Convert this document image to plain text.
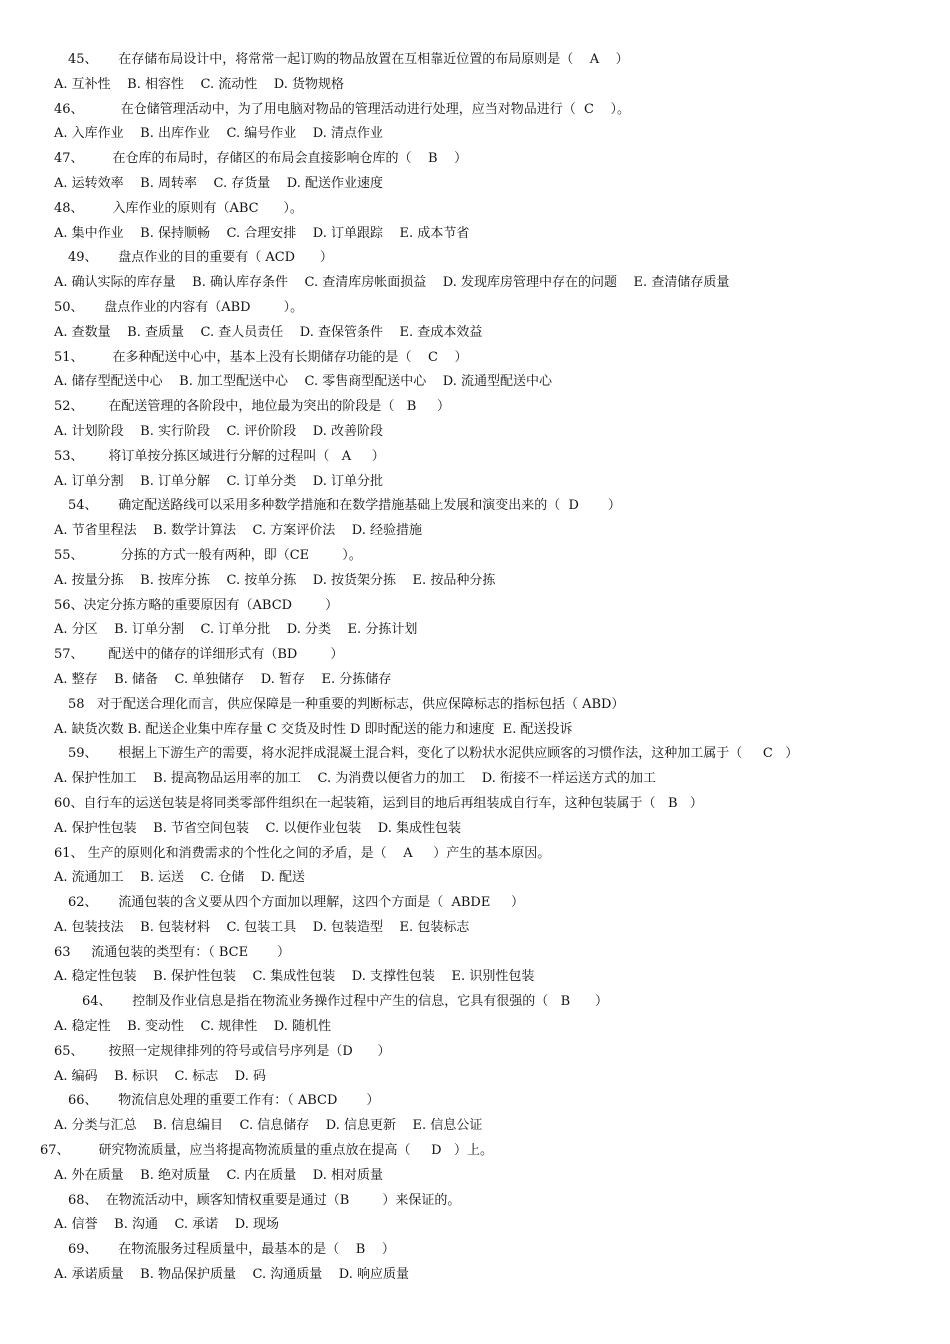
45、     在存储布局设计中，将常常一起订购的物品放置在互相靠近位置的布局原则是（    A    ）
A. 互补性    B. 相容性    C. 流动性    D. 货物规格
46、         在仓储管理活动中，为了用电脑对物品的管理活动进行处理，应当对物品进行（  C    ）。
A. 入库作业    B. 出库作业    C. 编号作业    D. 清点作业
47、       在仓库的布局时，存储区的布局会直接影响仓库的（    B    ）
A. 运转效率    B. 周转率    C. 存货量    D. 配送作业速度
48、       入库作业的原则有（ABC      ）。
A. 集中作业    B. 保持顺畅    C. 合理安排    D. 订单跟踪    E. 成本节省
49、     盘点作业的目的重要有（ ACD      ）
A. 确认实际的库存量    B. 确认库存条件    C. 查清库房帐面损益    D. 发现库房管理中存在的问题    E. 查清储存质量
50、     盘点作业的内容有（ABD        ）。
A. 查数量    B. 查质量    C. 查人员责任    D. 查保管条件    E. 查成本效益
51、       在多种配送中心中，基本上没有长期储存功能的是（    C    ）
A. 储存型配送中心    B. 加工型配送中心    C. 零售商型配送中心    D. 流通型配送中心
52、      在配送管理的各阶段中，地位最为突出的阶段是（   B     ）
A. 计划阶段    B. 实行阶段    C. 评价阶段    D. 改善阶段
53、      将订单按分拣区域进行分解的过程叫（   A     ）
A. 订单分割    B. 订单分解    C. 订单分类    D. 订单分批
54、     确定配送路线可以采用多种数学措施和在数学措施基础上发展和演变出来的（  D       ）
A. 节省里程法    B. 数学计算法    C. 方案评价法    D. 经验措施
55、         分拣的方式一般有两种，即（CE        ）。
A. 按量分拣    B. 按库分拣    C. 按单分拣    D. 按货架分拣    E. 按品种分拣
56、决定分拣方略的重要原因有（ABCD        ）
A. 分区    B. 订单分割    C. 订单分批    D. 分类    E. 分拣计划
57、      配送中的储存的详细形式有（BD        ）
A. 整存    B. 储备    C. 单独储存    D. 暂存    E. 分拣储存
58   对于配送合理化而言，供应保障是一种重要的判断标志，供应保障标志的指标包括（ ABD）
A. 缺货次数 B. 配送企业集中库存量 C 交货及时性 D 即时配送的能力和速度  E. 配送投诉
59、     根据上下游生产的需要，将水泥拌成混凝土混合料，变化了以粉状水泥供应顾客的习惯作法，这种加工属于（     C   ）
A. 保护性加工    B. 提高物品运用率的加工    C. 为消费以便省力的加工    D. 衔接不一样运送方式的加工
60、自行车的运送包装是将同类零部件组织在一起装箱，运到目的地后再组装成自行车，这种包装属于（   B   ）
A. 保护性包装    B. 节省空间包装    C. 以便作业包装    D. 集成性包装
61、 生产的原则化和消费需求的个性化之间的矛盾，是（    A     ）产生的基本原因。
A. 流通加工    B. 运送    C. 仓储    D. 配送
62、     流通包装的含义要从四个方面加以理解，这四个方面是（  ABDE     ）
A. 包装技法    B. 包装材料    C. 包装工具    D. 包装造型    E. 包装标志
63     流通包装的类型有：（ BCE       ）
A. 稳定性包装    B. 保护性包装    C. 集成性包装    D. 支撑性包装    E. 识别性包装
64、     控制及作业信息是指在物流业务操作过程中产生的信息，它具有很强的（   B      ）
A. 稳定性    B. 变动性    C. 规律性    D. 随机性
65、      按照一定规律排列的符号或信号序列是（D      ）
A. 编码    B. 标识    C. 标志    D. 码
66、     物流信息处理的重要工作有：（ ABCD       ）
A. 分类与汇总    B. 信息编目    C. 信息储存    D. 信息更新    E. 信息公证
67、       研究物流质量，应当将提高物流质量的重点放在提高（     D   ）上。
A. 外在质量    B. 绝对质量    C. 内在质量    D. 相对质量
68、  在物流活动中，顾客知情权重要是通过（B        ）来保证的。
A. 信誉    B. 沟通    C. 承诺    D. 现场
69、     在物流服务过程质量中，最基本的是（    B    ）
A. 承诺质量    B. 物品保护质量    C. 沟通质量    D. 响应质量
